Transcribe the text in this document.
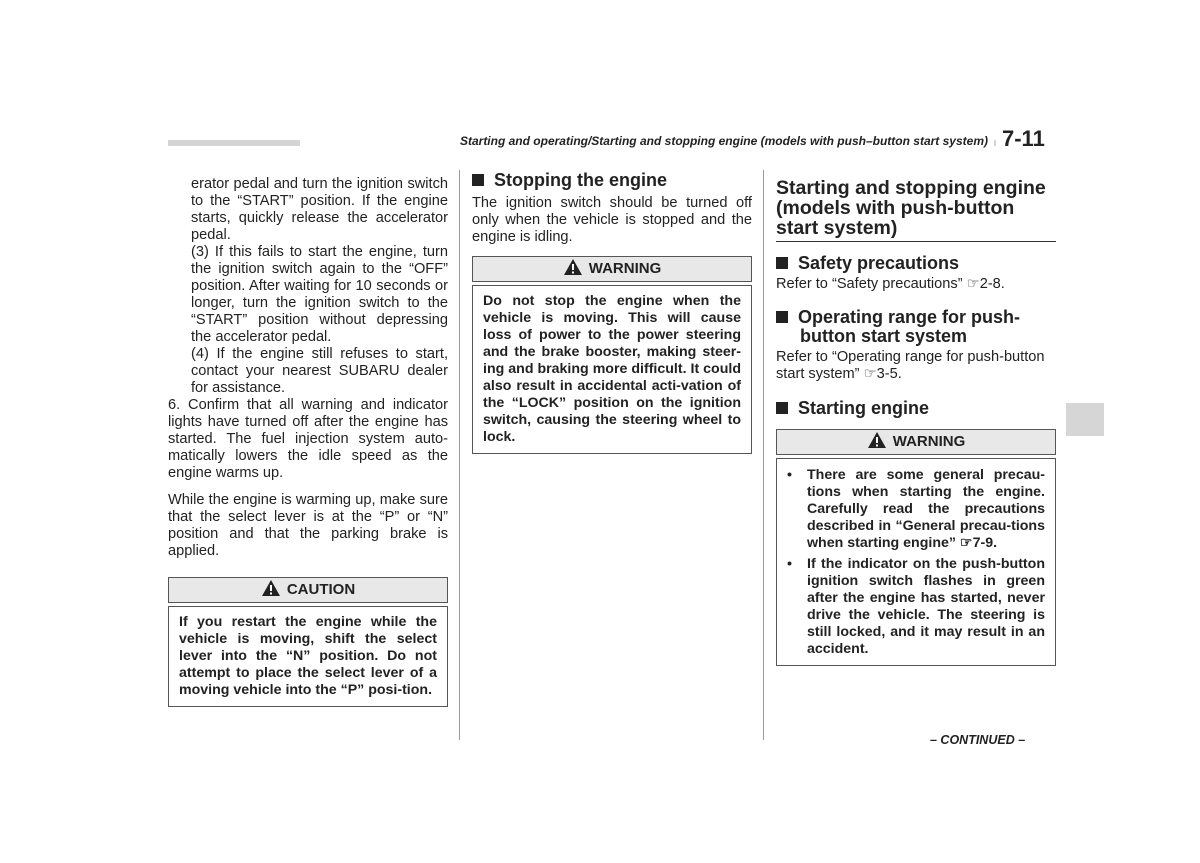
Starting and operating/Starting and stopping engine (models with push–button start system) 7-11

erator pedal and turn the ignition switch to the “START” position. If the engine starts, quickly release the accelerator pedal.

(3) If this fails to start the engine, turn the ignition switch again to the “OFF” position. After waiting for 10 seconds or longer, turn the ignition switch to the “START” position without depressing the accelerator pedal.

(4) If the engine still refuses to start, contact your nearest SUBARU dealer for assistance.

6. Confirm that all warning and indicator lights have turned off after the engine has started. The fuel injection system auto-matically lowers the idle speed as the engine warms up.

While the engine is warming up, make sure that the select lever is at the “P” or “N” position and that the parking brake is applied.

CAUTION
If you restart the engine while the vehicle is moving, shift the select lever into the “N” position. Do not attempt to place the select lever of a moving vehicle into the “P” posi-tion.
Stopping the engine

The ignition switch should be turned off only when the vehicle is stopped and the engine is idling.

WARNING
Do not stop the engine when the vehicle is moving. This will cause loss of power to the power steering and the brake booster, making steer-ing and braking more difficult. It could also result in accidental acti-vation of the “LOCK” position on the ignition switch, causing the steering wheel to lock.
Starting and stopping engine (models with push-button start system)
Safety precautions

Refer to “Safety precautions” ☞2-8.

Operating range for push-button start system

Refer to “Operating range for push-button start system” ☞3-5.

Starting engine
WARNING
•	There are some general precau-tions when starting the engine. Carefully read the precautions described in “General precau-tions when starting engine” ☞7-9.
•	If the indicator on the push-button ignition switch flashes in green after the engine has started, never drive the vehicle. The steering is still locked, and it may result in an accident.
– CONTINUED –
